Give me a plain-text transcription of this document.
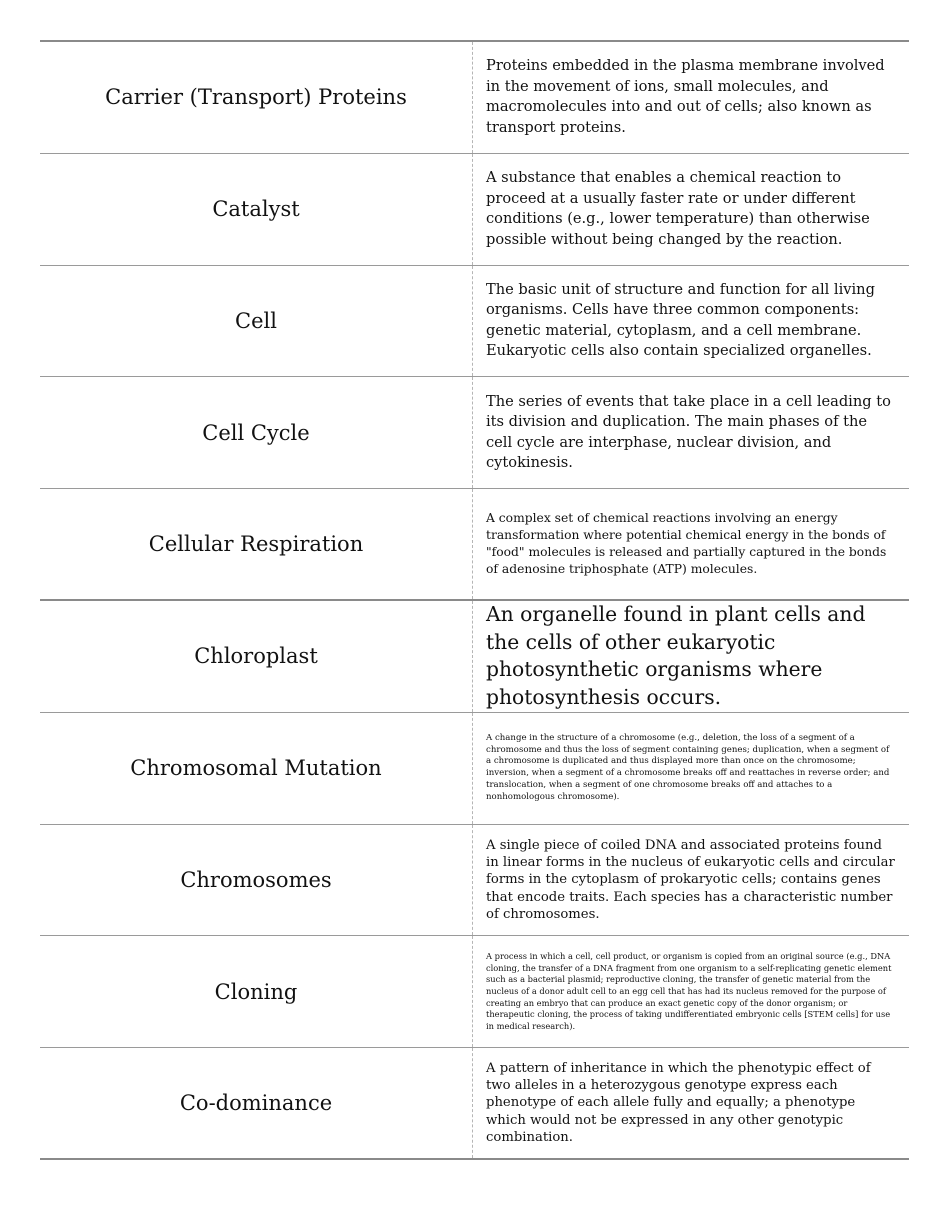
Carrier (Transport) Proteins
Proteins embedded in the plasma membrane involved in the movement of ions, small molecules, and macromolecules into and out of cells; also known as transport proteins.
Catalyst
A substance that enables a chemical reaction to proceed at a usually faster rate or under different conditions (e.g., lower temperature) than otherwise possible without being changed by the reaction.
Cell
The basic unit of structure and function for all living organisms. Cells have three common components: genetic material, cytoplasm, and a cell membrane. Eukaryotic cells also contain specialized organelles.
Cell Cycle
The series of events that take place in a cell leading to its division and duplication. The main phases of the cell cycle are interphase, nuclear division, and cytokinesis.
Cellular Respiration
A complex set of chemical reactions involving an energy transformation where potential chemical energy in the bonds of "food" molecules is released and partially captured in the bonds of adenosine triphosphate (ATP) molecules.
Chloroplast
An organelle found in plant cells and the cells of other eukaryotic photosynthetic organisms where photosynthesis occurs.
Chromosomal Mutation
A change in the structure of a chromosome (e.g., deletion, the loss of a segment of a chromosome and thus the loss of segment containing genes; duplication, when a segment of a chromosome is duplicated and thus displayed more than once on the chromosome; inversion, when a segment of a chromosome breaks off and reattaches in reverse order; and translocation, when a segment of one chromosome breaks off and attaches to a nonhomologous chromosome).
Chromosomes
A single piece of coiled DNA and associated proteins found in linear forms in the nucleus of eukaryotic cells and circular forms in the cytoplasm of prokaryotic cells; contains genes that encode traits. Each species has a characteristic number of chromosomes.
Cloning
A process in which a cell, cell product, or organism is copied from an original source (e.g., DNA cloning, the transfer of a DNA fragment from one organism to a self-replicating genetic element such as a bacterial plasmid; reproductive cloning, the transfer of genetic material from the nucleus of a donor adult cell to an egg cell that has had its nucleus removed for the purpose of creating an embryo that can produce an exact genetic copy of the donor organism; or therapeutic cloning, the process of taking undifferentiated embryonic cells [STEM cells] for use in medical research).
Co-dominance
A pattern of inheritance in which the phenotypic effect of two alleles in a heterozygous genotype express each phenotype of each allele fully and equally; a phenotype which would not be expressed in any other genotypic combination.
